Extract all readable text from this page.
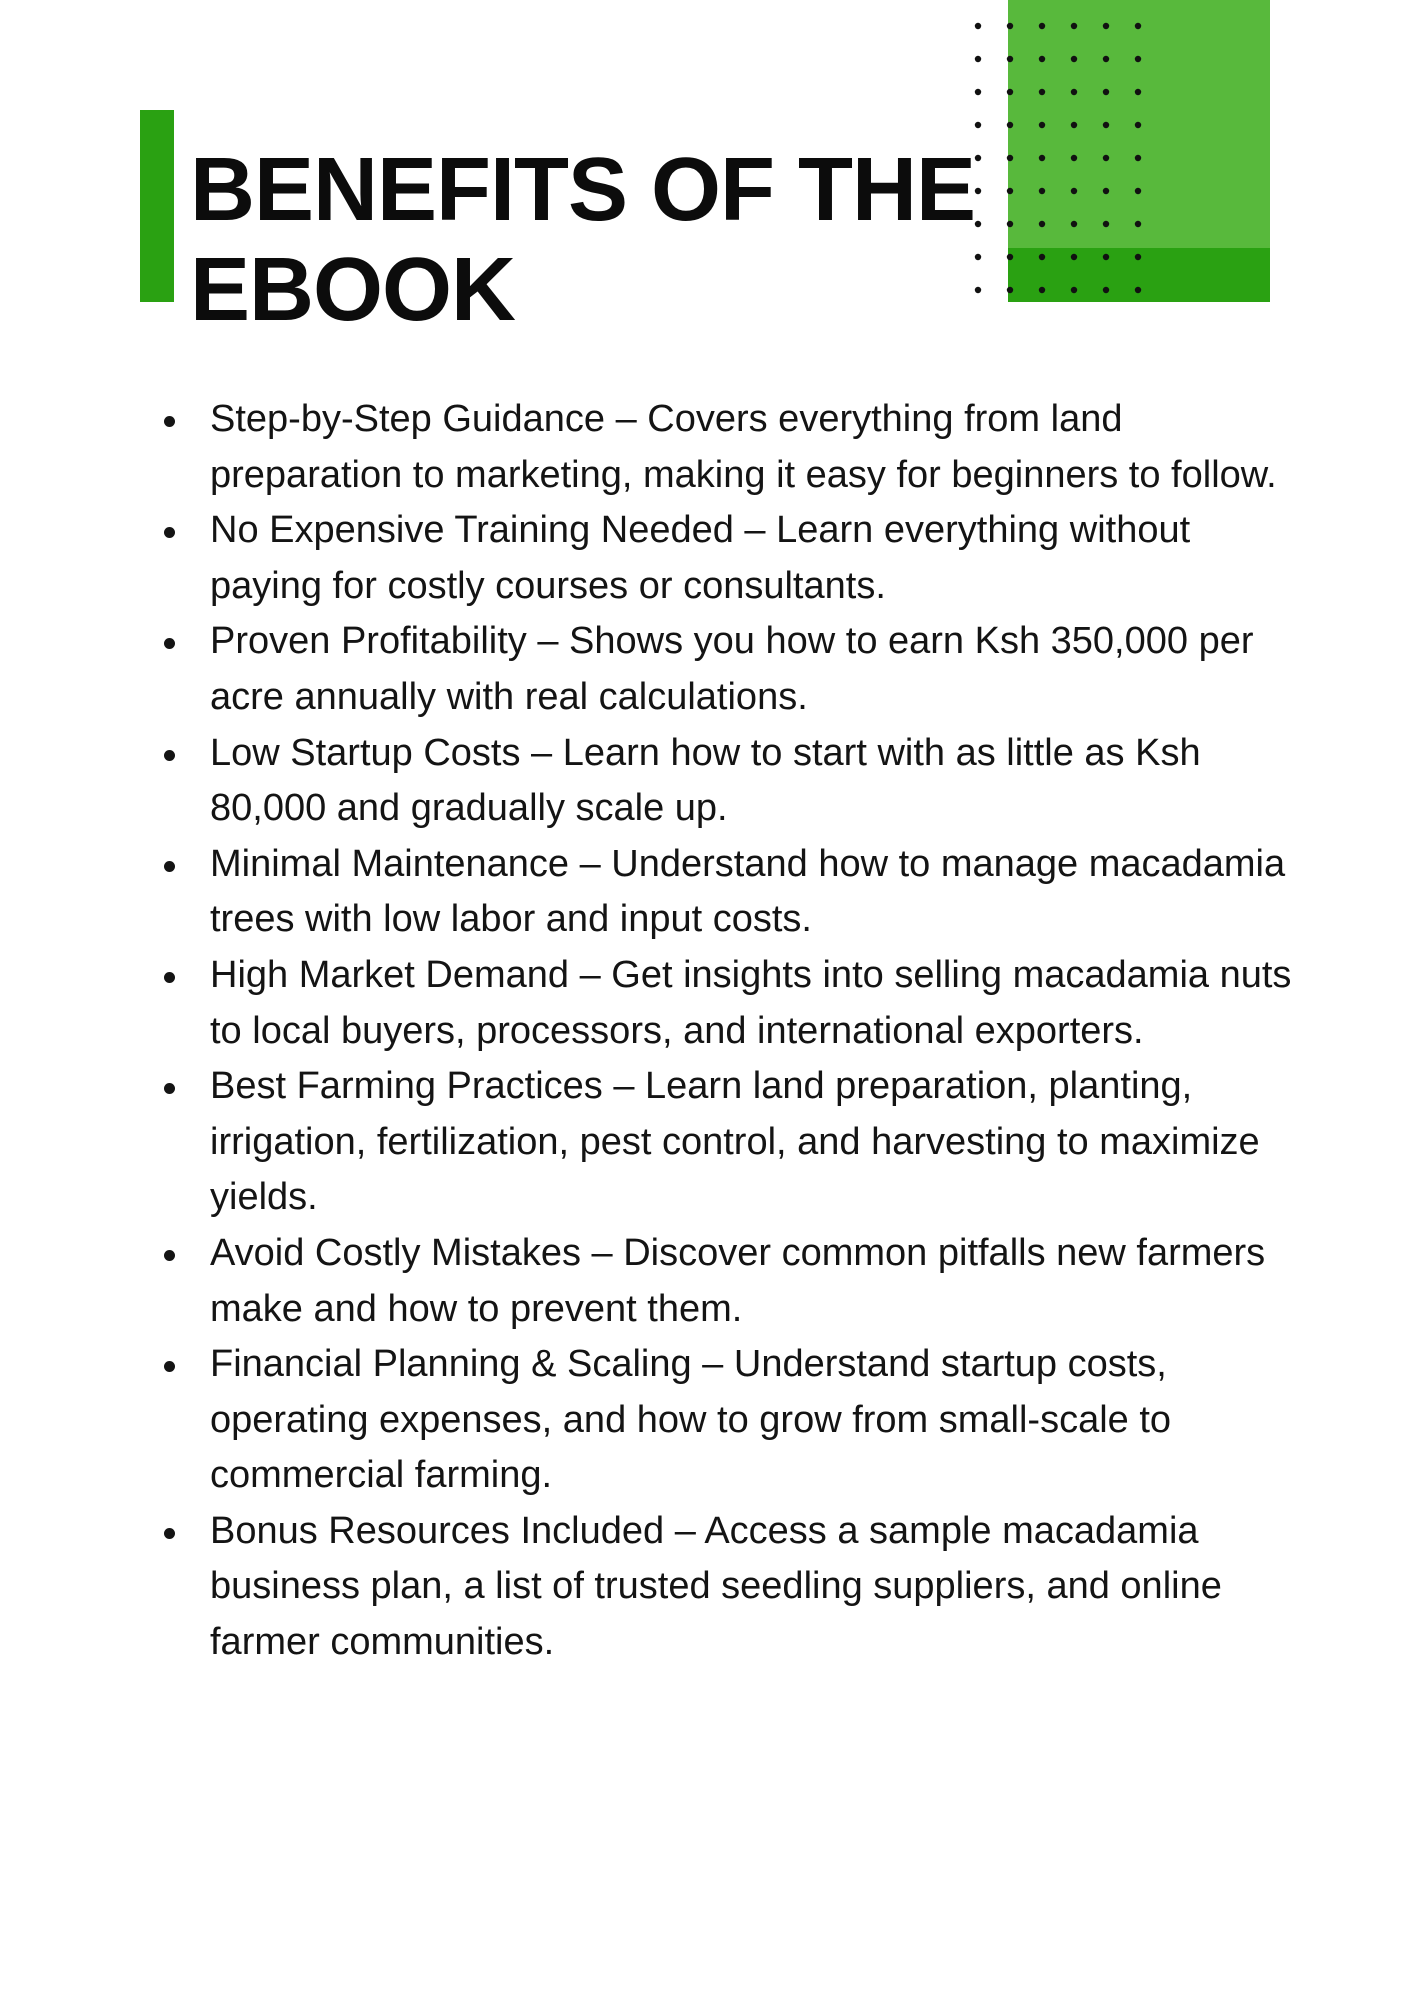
BENEFITS OF THE
EBOOK
Step-by-Step Guidance – Covers everything from land preparation to marketing, making it easy for beginners to follow.
No Expensive Training Needed – Learn everything without paying for costly courses or consultants.
Proven Profitability – Shows you how to earn Ksh 350,000 per acre annually with real calculations.
Low Startup Costs – Learn how to start with as little as Ksh 80,000 and gradually scale up.
Minimal Maintenance – Understand how to manage macadamia trees with low labor and input costs.
High Market Demand – Get insights into selling macadamia nuts to local buyers, processors, and international exporters.
Best Farming Practices – Learn land preparation, planting, irrigation, fertilization, pest control, and harvesting to maximize yields.
Avoid Costly Mistakes – Discover common pitfalls new farmers make and how to prevent them.
Financial Planning & Scaling – Understand startup costs, operating expenses, and how to grow from small-scale to commercial farming.
Bonus Resources Included – Access a sample macadamia business plan, a list of trusted seedling suppliers, and online farmer communities.
